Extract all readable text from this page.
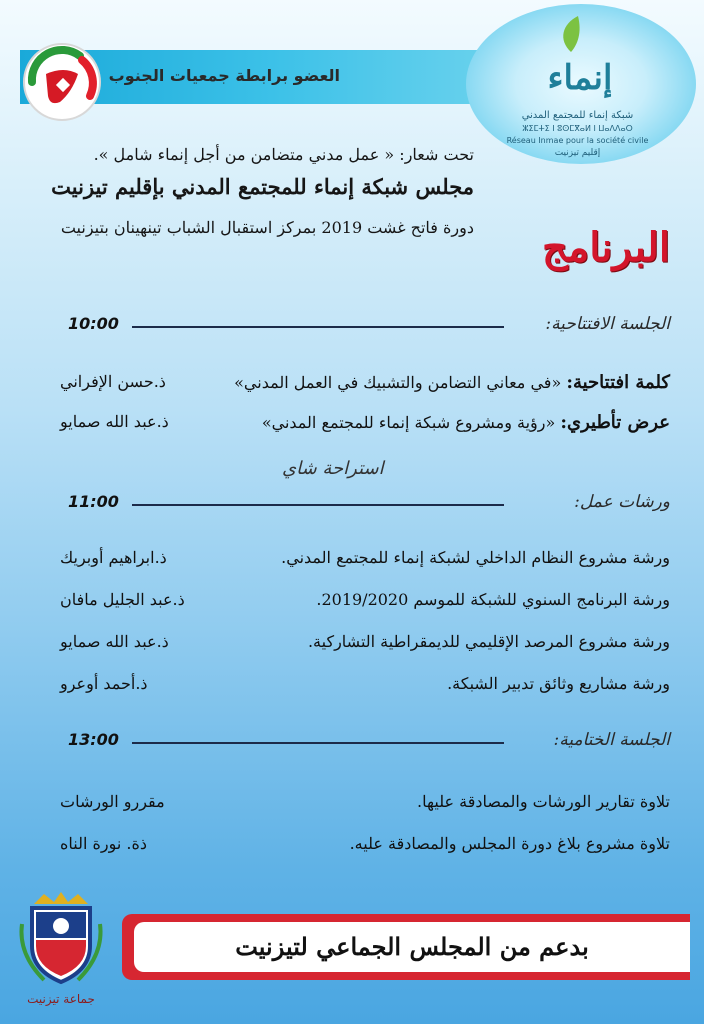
العضو برابطة جمعيات الجنوب	إنماء
شبكة إنماء للمجتمع المدني
ⵣⵉⵎⵜⵉ ⵏ ⵓⵙⵎⴳⴰⵍ ⵏ ⵡⴰⴷⴷⴰⵔ
Réseau Inmae pour la société civile
إقليم تيزنيت
تحت شعار: « عمل مدني متضامن من أجل إنماء شامل ».
مجلس شبكة إنماء للمجتمع المدني بإقليم تيزنيت
دورة فاتح غشت 2019 بمركز استقبال الشباب تينهينان بتيزنيت البرنامج
الجلسة الافتتاحية:
10:00
كلمة افتتاحية: «في معاني التضامن والتشبيك في العمل المدني»
ذ.حسن الإفراني
عرض تأطيري: «رؤية ومشروع شبكة إنماء للمجتمع المدني»
ذ.عبد الله صمايو
استراحة شاي
ورشات عمل:
11:00
ورشة مشروع النظام الداخلي لشبكة إنماء للمجتمع المدني.
ذ.ابراهيم أوبريك
ورشة البرنامج السنوي للشبكة للموسم 2019/2020.
ذ.عبد الجليل مافان
ورشة مشروع المرصد الإقليمي للديمقراطية التشاركية.
ذ.عبد الله صمايو
ورشة مشاريع وثائق تدبير الشبكة.
ذ.أحمد أوعرو
الجلسة الختامية:
13:00
تلاوة تقارير الورشات والمصادقة عليها.
مقررو الورشات
تلاوة مشروع بلاغ دورة المجلس والمصادقة عليه.
ذة. نورة الناه
جماعة تيزنيت
بدعم من المجلس الجماعي لتيزنيت
